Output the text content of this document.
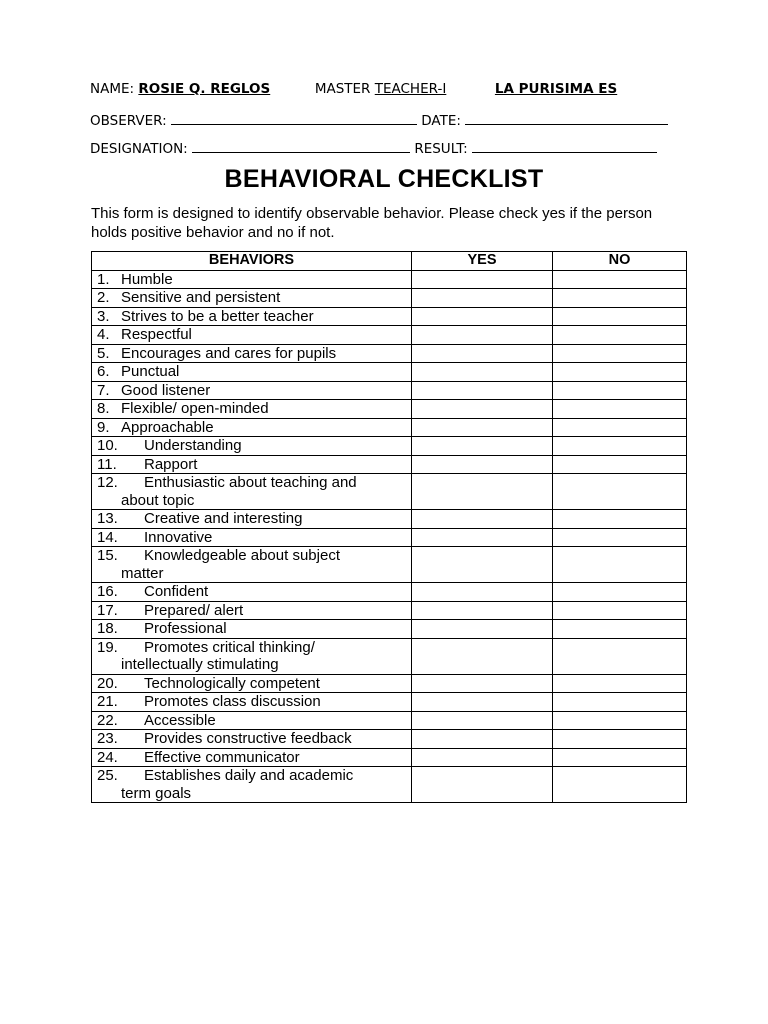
NAME: ROSIE Q. REGLOS	MASTER TEACHER-I	LA PURISIMA ES
OBSERVER:	DATE:
DESIGNATION:	RESULT:
BEHAVIORAL CHECKLIST
This form is designed to identify observable behavior. Please check yes if the person holds positive behavior and no if not.
BEHAVIORS	YES	NO
1. Humble		
2. Sensitive and persistent		
3. Strives to be a better teacher		
4. Respectful		
5. Encourages and cares for pupils		
6. Punctual		
7. Good listener		
8. Flexible/ open-minded		
9. Approachable		
10. Understanding		
11. Rapport		
12. Enthusiastic about teaching and
about topic		

13. Creative and interesting		
14. Innovative		
15. Knowledgeable about subject
matter		

16. Confident		
17. Prepared/ alert		
18. Professional		
19. Promotes critical thinking/
intellectually stimulating		

20. Technologically competent		
21. Promotes class discussion		
22. Accessible		
23. Provides constructive feedback		
24. Effective communicator		
25. Establishes daily and academic
term goals		
